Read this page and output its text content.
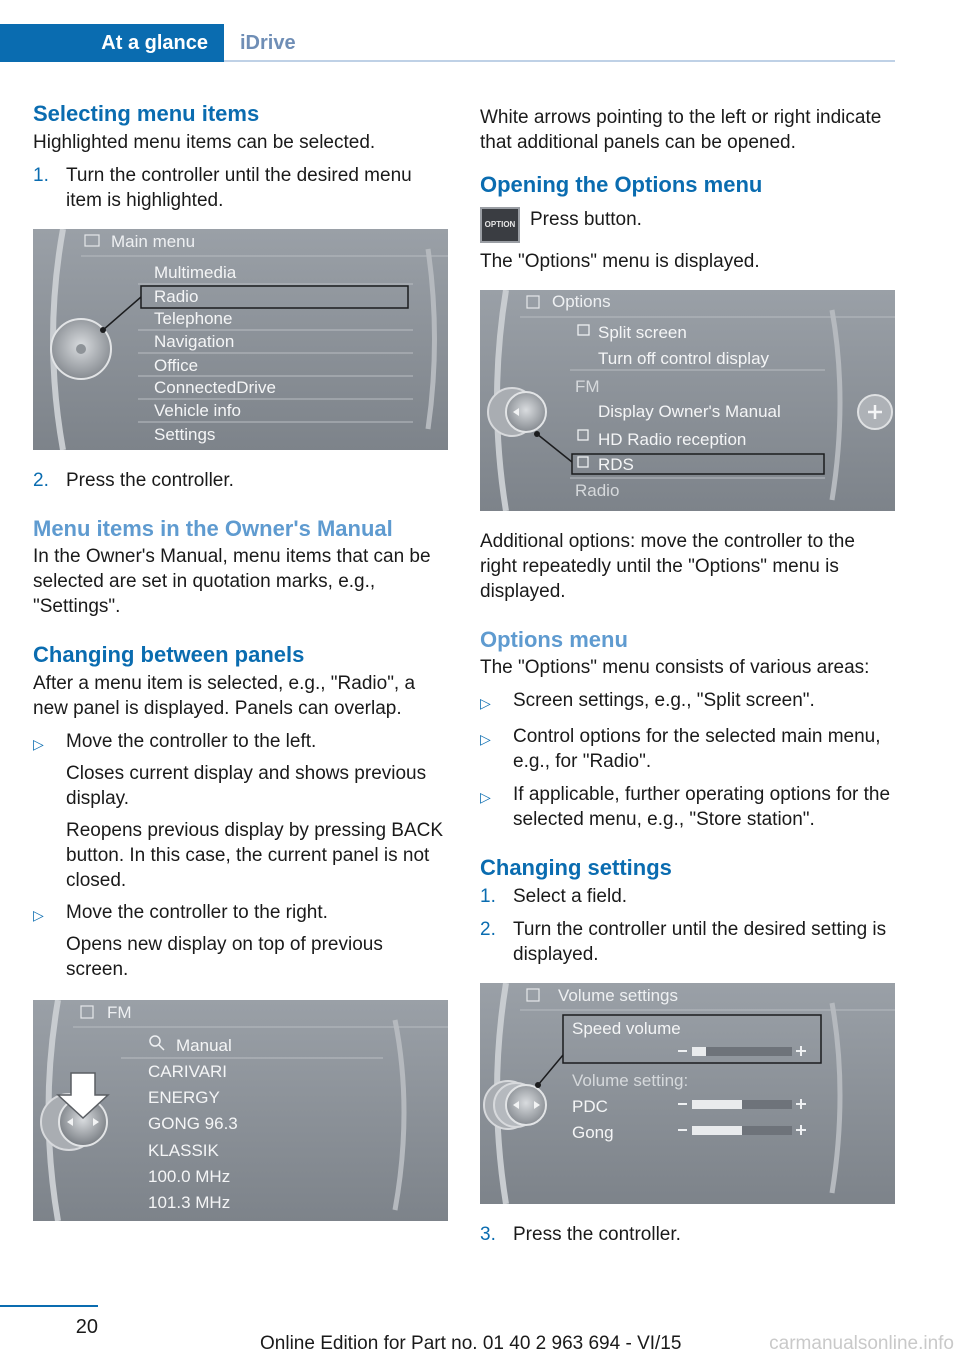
At a glance	iDrive
Selecting menu items

Highlighted menu items can be selected.

1. Turn the controller until the desired menu item is highlighted.
Main menu
Multimedia
Radio
Telephone
Navigation
Office
ConnectedDrive
Vehicle info
Settings
2. Press the controller.
Menu items in the Owner's Manual

In the Owner's Manual, menu items that can be selected are set in quotation marks, e.g., "Settings".

Changing between panels

After a menu item is selected, e.g., "Radio", a new panel is displayed. Panels can overlap.

▷	Move the controller to the left.
Closes current display and shows previous display.
Reopens previous display by pressing BACK button. In this case, the current panel is not closed.
▷	Move the controller to the right.
Opens new display on top of previous screen.
FM
Manual
CARIVARI
ENERGY
GONG 96.3
KLASSIK
100.0 MHz
101.3 MHz

White arrows pointing to the left or right indicate that additional panels can be opened.

Opening the Options menu
OPTION Press button.

The "Options" menu is displayed.

Options
Split screen
Turn off control display
FM
Display Owner's Manual
HD Radio reception
RDS
Radio

Additional options: move the controller to the right repeatedly until the "Options" menu is displayed.

Options menu

The "Options" menu consists of various areas:

▷	Screen settings, e.g., "Split screen".
▷	Control options for the selected main menu, e.g., for "Radio".
▷	If applicable, further operating options for the selected menu, e.g., "Store station".
Changing settings
1. Select a field.
2. Turn the controller until the desired setting is displayed.
Volume settings
Speed volume
Volume setting:
PDC
Gong
3. Press the controller.
20
Online Edition for Part no. 01 40 2 963 694 - VI/15	carmanualsonline.info
